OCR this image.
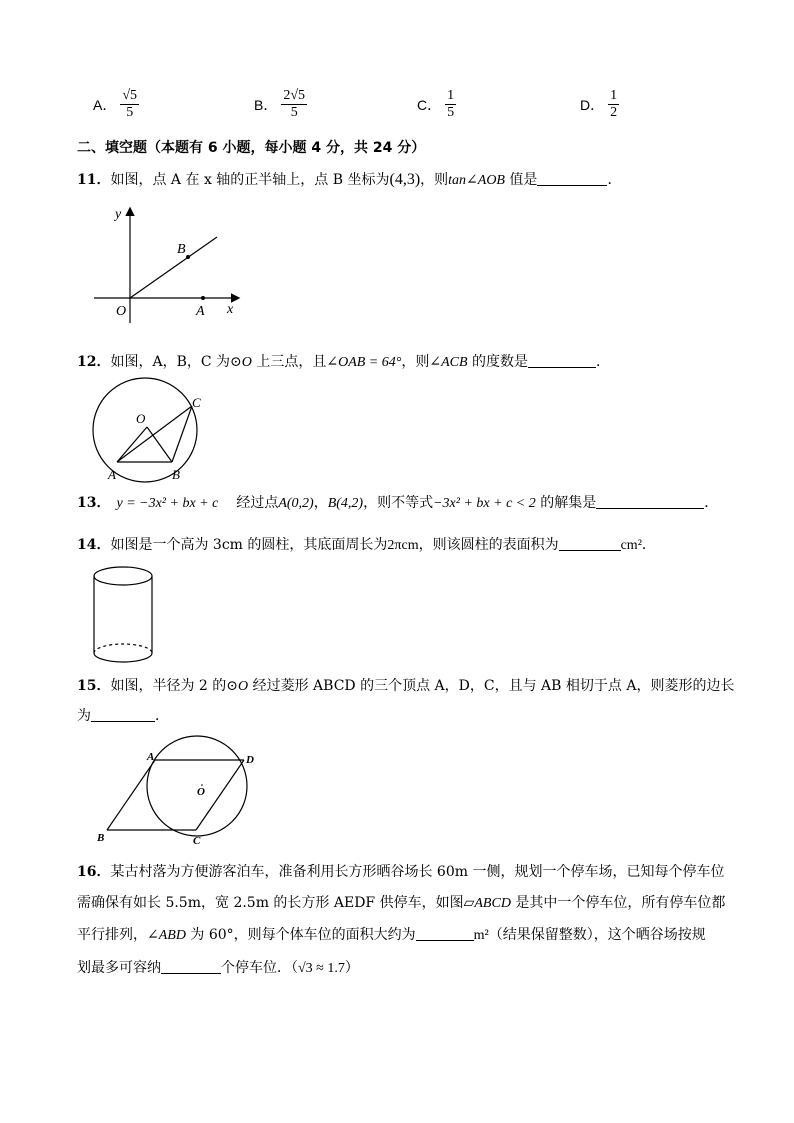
A． $\frac{√5}{5}$	B． $\frac{2√5}{5}$	C． $\frac{1}{5}$	D． $\frac{1}{2}$
二、填空题（本题有 6 小题，每小题 4 分，共 24 分）
11．如图，点 A 在 x 轴的正半轴上，点 B 坐标为(4,3)，则tan∠AOB 值是	．
y
x
O	A
B
12．如图，A，B，C 为⊙O 上三点，且∠OAB = 64°，则∠ACB 的度数是	．
O
A	B
C
13． y = −3x² + bx + c 经过点A(0,2)，B(4,2)，则不等式−3x² + bx + c < 2 的解集是	．
14．如图是一个高为 3cm 的圆柱，其底面周长为2πcm，则该圆柱的表面积为	cm²．
15．如图，半径为 2 的⊙O 经过菱形 ABCD 的三个顶点 A，D，C，且与 AB 相切于点 A，则菱形的边长
为	．
A	D
B	C
O
16．某古村落为方便游客泊车，准备利用长方形晒谷场长 60m 一侧，规划一个停车场，已知每个停车位
需确保有如长 5.5m，宽 2.5m 的长方形 AEDF 供停车，如图▱ABCD 是其中一个停车位，所有停车位都
平行排列，∠ABD 为 60°，则每个体车位的面积大约为	m²（结果保留整数），这个晒谷场按规
划最多可容纳	个停车位．（√3 ≈ 1.7）
